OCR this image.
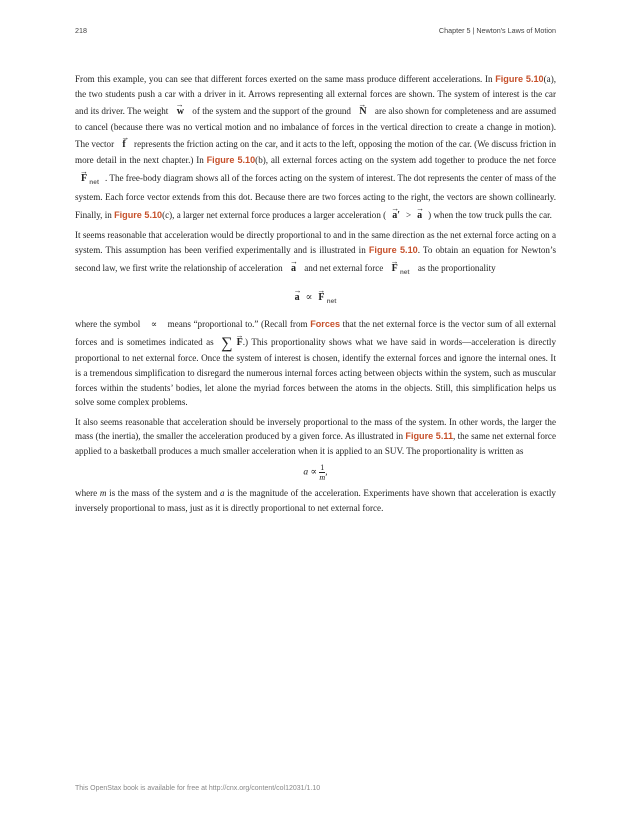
218	Chapter 5 | Newton's Laws of Motion

From this example, you can see that different forces exerted on the same mass produce different accelerations. In Figure 5.10(a), the two students push a car with a driver in it. Arrows representing all external forces are shown. The system of interest is the car and its driver. The weight
→
w of the system and the support of the ground
→
N are also shown for completeness and are assumed to cancel (because there was no vertical motion and no imbalance of forces in the vertical direction to create a change in motion). The vector
→
f represents the friction acting on the car, and it acts to the left, opposing the motion of the car. (We discuss friction in more detail in the next chapter.) In Figure 5.10(b), all external forces acting on the system add together to produce the net force
→
F $_{net}$ . The free-body diagram shows all of the forces acting on the system of interest. The dot represents the center of mass of the system. Each force vector extends from this dot. Because there are two forces acting to the right, the vectors are shown collinearly. Finally, in Figure 5.10(c), a larger net external force produces a larger acceleration (
→
a′ >
→
a ) when the tow truck pulls the car.

It seems reasonable that acceleration would be directly proportional to and in the same direction as the net external force acting on a system. This assumption has been verified experimentally and is illustrated in Figure 5.10. To obtain an equation for Newton’s second law, we first write the relationship of acceleration
→
a and net external force
→
F $_{net}$ as the proportionality

→
a ∝
→
F $_{net}$

where the symbol ∝ means “proportional to.” (Recall from Forces that the net external force is the vector sum of all external forces and is sometimes indicated as ∑ →
F.) This proportionality shows what we have said in words—acceleration is directly proportional to net external force. Once the system of interest is chosen, identify the external forces and ignore the internal ones. It is a tremendous simplification to disregard the numerous internal forces acting between objects within the system, such as muscular forces within the students’ bodies, let alone the myriad forces between the atoms in the objects. Still, this simplification helps us solve some complex problems.

It also seems reasonable that acceleration should be inversely proportional to the mass of the system. In other words, the larger the mass (the inertia), the smaller the acceleration produced by a given force. As illustrated in Figure 5.11, the same net external force applied to a basketball produces a much smaller acceleration when it is applied to an SUV. The proportionality is written as

$a \propto \frac{1}{m}$ ,

where m is the mass of the system and a is the magnitude of the acceleration. Experiments have shown that acceleration is exactly inversely proportional to mass, just as it is directly proportional to net external force.

This OpenStax book is available for free at http://cnx.org/content/col12031/1.10
